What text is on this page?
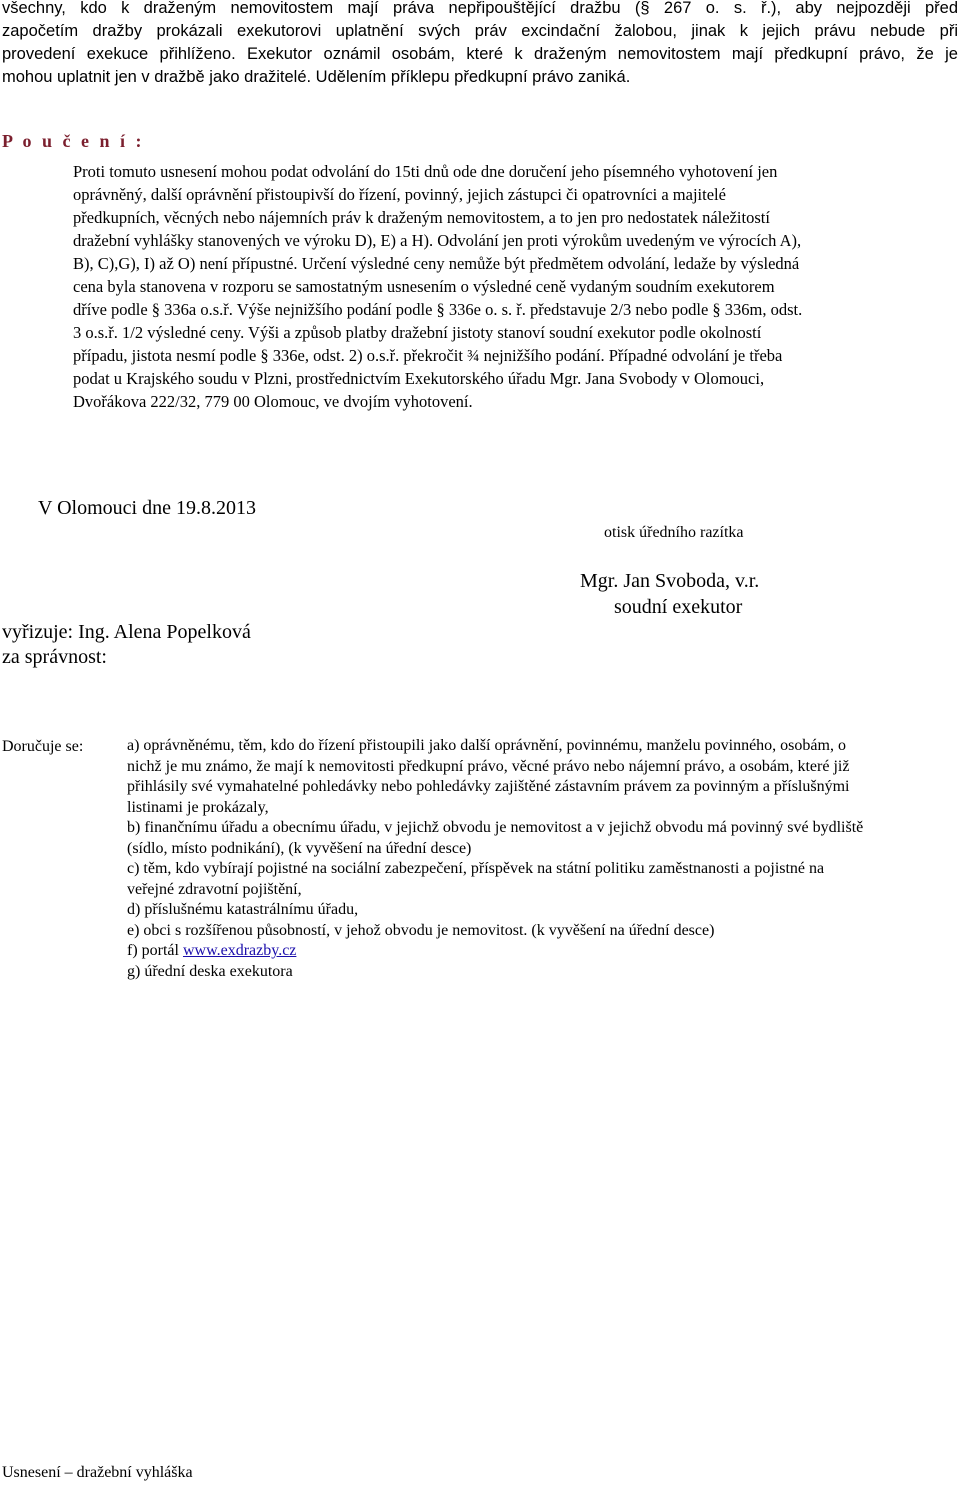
všechny, kdo k draženým nemovitostem mají práva nepřipouštějící dražbu (§ 267 o. s. ř.), aby nejpozději před
započetím dražby prokázali exekutorovi uplatnění svých práv excindační žalobou, jinak k jejich právu nebude při
provedení exekuce přihlíženo. Exekutor oznámil osobám, které k draženým nemovitostem mají předkupní právo, že je
mohou uplatnit jen v dražbě jako dražitelé. Udělením příklepu předkupní právo zaniká.

P o u č e n í :
Proti tomuto usnesení mohou podat odvolání do 15ti dnů ode dne doručení jeho písemného vyhotovení jen
oprávněný, další oprávnění přistoupivší do řízení, povinný, jejich zástupci či opatrovníci a majitelé
předkupních, věcných nebo nájemních práv k draženým nemovitostem, a to jen pro nedostatek náležitostí
dražební vyhlášky stanovených ve výroku D), E) a H). Odvolání jen proti výrokům uvedeným ve výrocích A),
B), C),G), I) až O) není přípustné. Určení výsledné ceny nemůže být předmětem odvolání, ledaže by výsledná
cena byla stanovena v rozporu se samostatným usnesením o výsledné ceně vydaným soudním exekutorem
dříve podle § 336a o.s.ř. Výše nejnižšího podání podle § 336e o. s. ř. představuje 2/3 nebo podle § 336m, odst.
3 o.s.ř. 1/2 výsledné ceny. Výši a způsob platby dražební jistoty stanoví soudní exekutor podle okolností
případu, jistota nesmí podle § 336e, odst. 2) o.s.ř. překročit ¾ nejnižšího podání. Případné odvolání je třeba
podat u Krajského soudu v Plzni, prostřednictvím Exekutorského úřadu Mgr. Jana Svobody v Olomouci,
Dvořákova 222/32, 779 00 Olomouc, ve dvojím vyhotovení.
V Olomouci dne 19.8.2013
otisk úředního razítka
Mgr. Jan Svoboda, v.r.
soudní exekutor
vyřizuje: Ing. Alena Popelková
za správnost:
Doručuje se:	a) oprávněnému, těm, kdo do řízení přistoupili jako další oprávnění, povinnému, manželu povinného, osobám, o
nichž je mu známo, že mají k nemovitosti předkupní právo, věcné právo nebo nájemní právo, a osobám, které již
přihlásily své vymahatelné pohledávky nebo pohledávky zajištěné zástavním právem za povinným a příslušnými
listinami je prokázaly,
b) finančnímu úřadu a obecnímu úřadu, v jejichž obvodu je nemovitost a v jejichž obvodu má povinný své bydliště
(sídlo, místo podnikání), (k vyvěšení na úřední desce)
c) těm, kdo vybírají pojistné na sociální zabezpečení, příspěvek na státní politiku zaměstnanosti a pojistné na
veřejné zdravotní pojištění,
d) příslušnému katastrálnímu úřadu,
e) obci s rozšířenou působností, v jehož obvodu je nemovitost. (k vyvěšení na úřední desce)
f) portál www.exdrazby.cz
g) úřední deska exekutora
Usnesení – dražební vyhláška
